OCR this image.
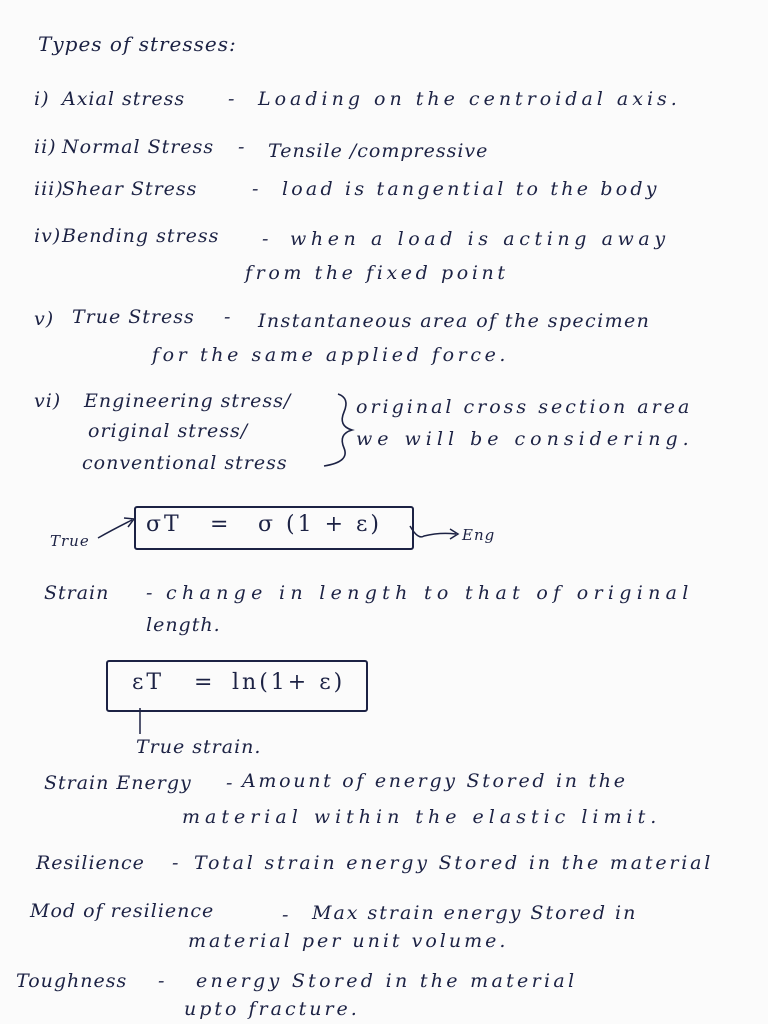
Types of stresses:
i) Axial stress - Loading on the centroidal axis.
ii) Normal Stress - Tensile /compressive
iii)
Shear Stress	- load is tangential to the body
iv) Bending stress - when a load is acting away
from the fixed point
v) True Stress - Instantaneous area of the specimen
for the same applied force.
vi) Engineering stress/
original stress/
conventional stress
original cross section area
we will be considering.
True
σT = σ (1 + ε)	Eng
Strain - change in length to that of original
length.
εT = ln(1+ ε)
True strain.
Strain Energy - Amount of energy Stored in the
material within the elastic limit.
Resilience - Total strain energy Stored in the material
Mod of resilience	- Max strain energy Stored in
material per unit volume.
Toughness - energy Stored in the material
upto fracture.
